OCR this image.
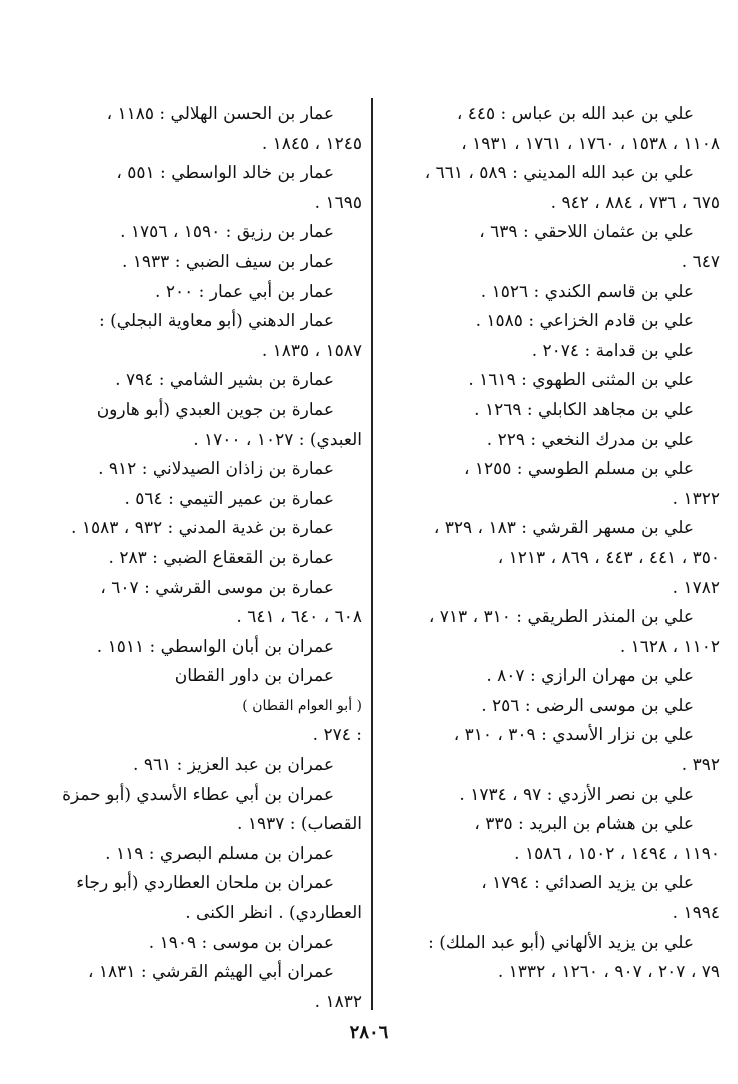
علي بن عبد الله بن عباس : ٤٤٥ ،
١١٠٨ ، ١٥٣٨ ، ١٧٦٠ ، ١٧٦١ ، ١٩٣١ ،
علي بن عبد الله المديني : ٥٨٩ ، ٦٦١ ،
٦٧٥ ، ٧٣٦ ، ٨٨٤ ، ٩٤٢ .
علي بن عثمان اللاحقي : ٦٣٩ ،
٦٤٧ .
علي بن قاسم الكندي : ١٥٢٦ .
علي بن قادم الخزاعي : ١٥٨٥ .
علي بن قدامة : ٢٠٧٤ .
علي بن المثنى الطهوي : ١٦١٩ .
علي بن مجاهد الكابلي : ١٢٦٩ .
علي بن مدرك النخعي : ٢٢٩ .
علي بن مسلم الطوسي : ١٢٥٥ ،
١٣٢٢ .
علي بن مسهر القرشي : ١٨٣ ، ٣٢٩ ،
٣٥٠ ، ٤٤١ ، ٤٤٣ ، ٨٦٩ ، ١٢١٣ ،
١٧٨٢ .
علي بن المنذر الطريقي : ٣١٠ ، ٧١٣ ،
١١٠٢ ، ١٦٢٨ .
علي بن مهران الرازي : ٨٠٧ .
علي بن موسى الرضى : ٢٥٦ .
علي بن نزار الأسدي : ٣٠٩ ، ٣١٠ ،
٣٩٢ .
علي بن نصر الأزدي : ٩٧ ، ١٧٣٤ .
علي بن هشام بن البريد : ٣٣٥ ،
١١٩٠ ، ١٤٩٤ ، ١٥٠٢ ، ١٥٨٦ .
علي بن يزيد الصدائي : ١٧٩٤ ،
١٩٩٤ .
علي بن يزيد الألهاني (أبو عبد الملك) :
٧٩ ، ٢٠٧ ، ٩٠٧ ، ١٢٦٠ ، ١٣٣٢ .
عمار بن الحسن الهلالي : ١١٨٥ ،
١٢٤٥ ، ١٨٤٥ .
عمار بن خالد الواسطي : ٥٥١ ،
١٦٩٥ .
عمار بن رزيق : ١٥٩٠ ، ١٧٥٦ .
عمار بن سيف الضبي : ١٩٣٣ .
عمار بن أبي عمار : ٢٠٠ .
عمار الدهني (أبو معاوية البجلي) :
١٥٨٧ ، ١٨٣٥ .
عمارة بن بشير الشامي : ٧٩٤ .
عمارة بن جوين العبدي (أبو هارون
العبدي) : ١٠٢٧ ، ١٧٠٠ .
عمارة بن زاذان الصيدلاني : ٩١٢ .
عمارة بن عمير التيمي : ٥٦٤ .
عمارة بن غدية المدني : ٩٣٢ ، ١٥٨٣ .
عمارة بن القعقاع الضبي : ٢٨٣ .
عمارة بن موسى القرشي : ٦٠٧ ،
٦٠٨ ، ٦٤٠ ، ٦٤١ .
عمران بن أبان الواسطي : ١٥١١ .
عمران بن داور القطان
( أبو العوام القطان )
: ٢٧٤ .
عمران بن عبد العزيز : ٩٦١ .
عمران بن أبي عطاء الأسدي (أبو حمزة
القصاب) : ١٩٣٧ .
عمران بن مسلم البصري : ١١٩ .
عمران بن ملحان العطاردي (أبو رجاء
العطاردي) . انظر الكنى .
عمران بن موسى : ١٩٠٩ .
عمران أبي الهيثم القرشي : ١٨٣١ ،
١٨٣٢ .
٢٨٠٦
